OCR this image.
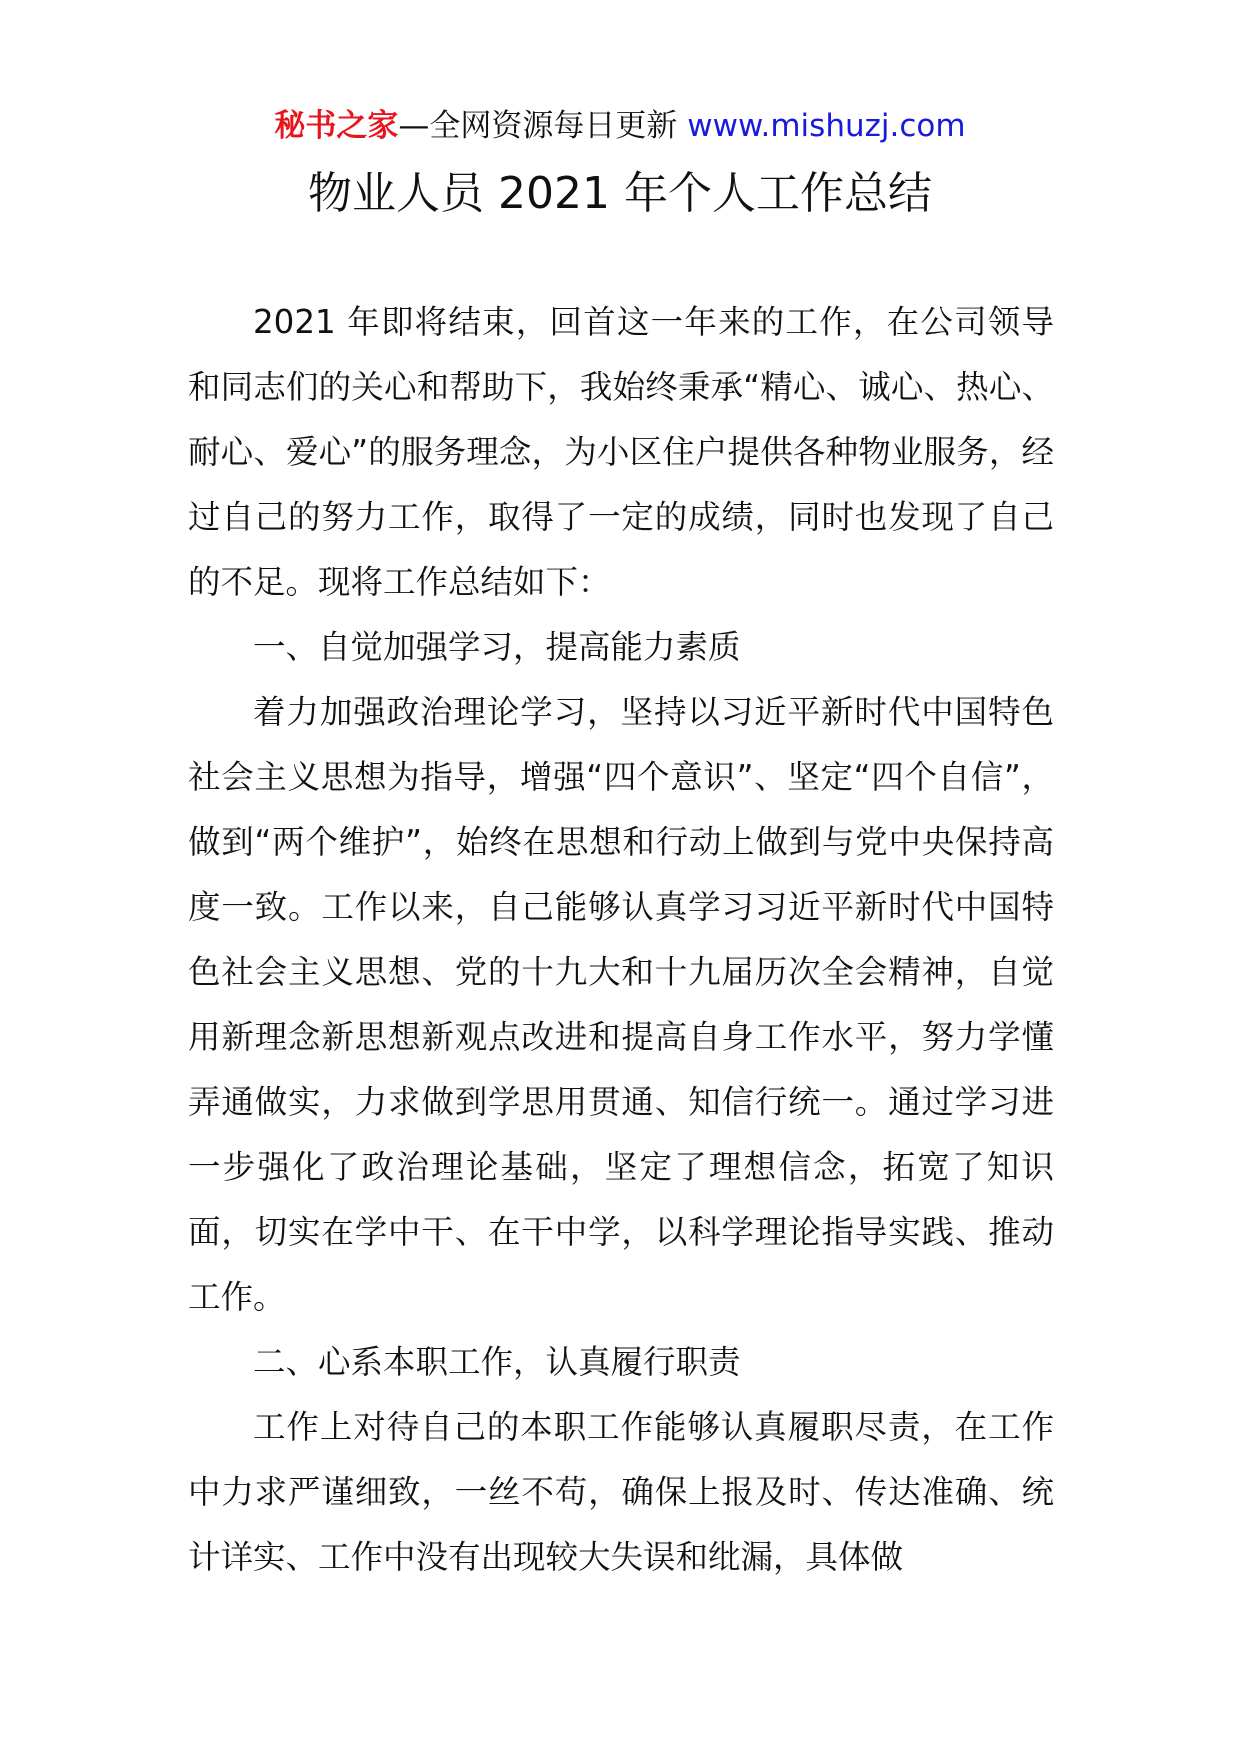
秘书之家—全网资源每日更新 www.mishuzj.com
物业人员 2021 年个人工作总结

2021 年即将结束，回首这一年来的工作，在公司领导和同志们的关心和帮助下，我始终秉承“精心、诚心、热心、耐心、爱心”的服务理念，为小区住户提供各种物业服务，经过自己的努力工作，取得了一定的成绩，同时也发现了自己的不足。现将工作总结如下：

一、自觉加强学习，提高能力素质

着力加强政治理论学习，坚持以习近平新时代中国特色社会主义思想为指导，增强“四个意识”、坚定“四个自信”，做到“两个维护”，始终在思想和行动上做到与党中央保持高度一致。工作以来，自己能够认真学习习近平新时代中国特色社会主义思想、党的十九大和十九届历次全会精神，自觉用新理念新思想新观点改进和提高自身工作水平，努力学懂弄通做实，力求做到学思用贯通、知信行统一。通过学习进一步强化了政治理论基础，坚定了理想信念，拓宽了知识面，切实在学中干、在干中学，以科学理论指导实践、推动工作。

二、心系本职工作，认真履行职责

工作上对待自己的本职工作能够认真履职尽责，在工作中力求严谨细致，一丝不苟，确保上报及时、传达准确、统计详实、工作中没有出现较大失误和纰漏，具体做
